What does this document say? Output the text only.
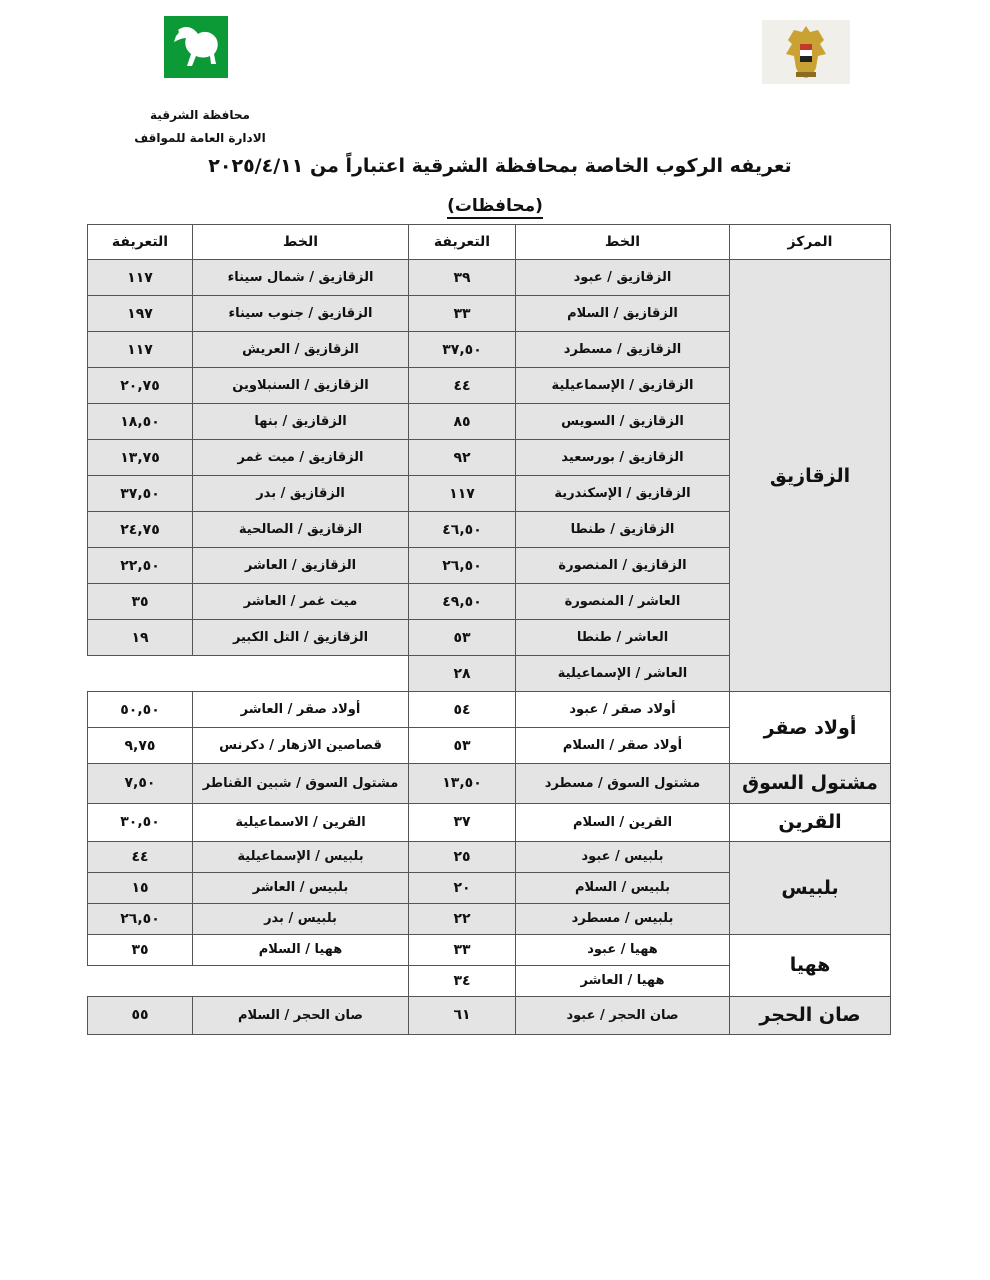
محافظة الشرقية
الادارة العامة للمواقف
تعريفه الركوب الخاصة بمحافظة الشرقية اعتباراً من ٢٠٢٥/٤/١١
(محافظات)
المركز	الخط	التعريفة	الخط	التعريفة
الزقازيق	الزقازيق / عبود	٣٩	الزقازيق / شمال سيناء	١١٧
	الزقازيق / السلام	٣٣	الزقازيق / جنوب سيناء	١٩٧
	الزقازيق / مسطرد	٣٧,٥٠	الزقازيق / العريش	١١٧
	الزقازيق / الإسماعيلية	٤٤	الزقازيق / السنبلاوين	٢٠,٧٥
	الزقازيق / السويس	٨٥	الزقازيق / بنها	١٨,٥٠
	الزقازيق / بورسعيد	٩٢	الزقازيق / ميت غمر	١٣,٧٥
	الزقازيق / الإسكندرية	١١٧	الزقازيق / بدر	٣٧,٥٠
	الزقازيق / طنطا	٤٦,٥٠	الزقازيق / الصالحية	٢٤,٧٥
	الزقازيق / المنصورة	٢٦,٥٠	الزقازيق / العاشر	٢٢,٥٠
	العاشر / المنصورة	٤٩,٥٠	ميت غمر / العاشر	٣٥
	العاشر / طنطا	٥٣	الزقازيق / التل الكبير	١٩
	العاشر / الإسماعيلية	٢٨		
أولاد صقر	أولاد صقر / عبود	٥٤	أولاد صقر / العاشر	٥٠,٥٠
	أولاد صقر / السلام	٥٣	قصاصين الازهار / دكرنس	٩,٧٥
مشتول السوق	مشتول السوق / مسطرد	١٣,٥٠	مشتول السوق / شبين القناطر	٧,٥٠
القرين	القرين / السلام	٣٧	القرين / الاسماعيلية	٣٠,٥٠
بلبيس	بلبيس / عبود	٢٥	بلبيس / الإسماعيلية	٤٤
	بلبيس / السلام	٢٠	بلبيس / العاشر	١٥
	بلبيس / مسطرد	٢٢	بلبيس / بدر	٢٦,٥٠
ههيا	ههيا / عبود	٣٣	ههيا / السلام	٣٥
	ههيا / العاشر	٣٤		
صان الحجر	صان الحجر / عبود	٦١	صان الحجر / السلام	٥٥
